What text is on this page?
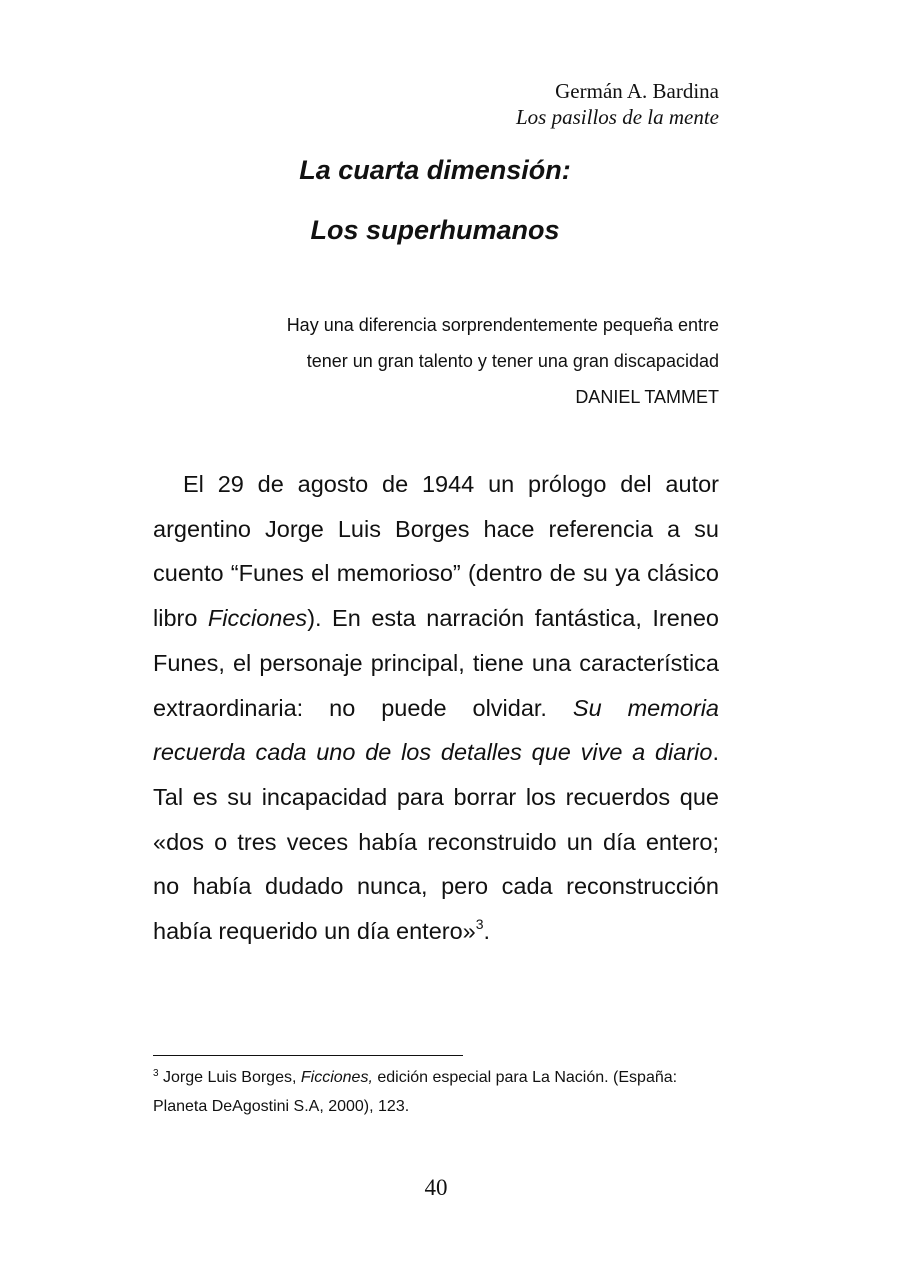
Germán A. Bardina
Los pasillos de la mente
La cuarta dimensión:
Los superhumanos
Hay una diferencia sorprendentemente pequeña entre
tener un gran talento y tener una gran discapacidad
DANIEL TAMMET

El 29 de agosto de 1944 un prólogo del autor argentino Jorge Luis Borges hace referencia a su cuento “Funes el memorioso” (dentro de su ya clásico libro Ficciones). En esta narración fantástica, Ireneo Funes, el personaje principal, tiene una característica extraordinaria: no puede olvidar. Su memoria recuerda cada uno de los detalles que vive a diario. Tal es su incapacidad para borrar los recuerdos que «dos o tres veces había reconstruido un día entero; no había dudado nunca, pero cada reconstrucción había requerido un día entero»$^3$.

$^3$ Jorge Luis Borges, Ficciones, edición especial para La Nación. (España: Planeta DeAgostini S.A, 2000), 123.

40
